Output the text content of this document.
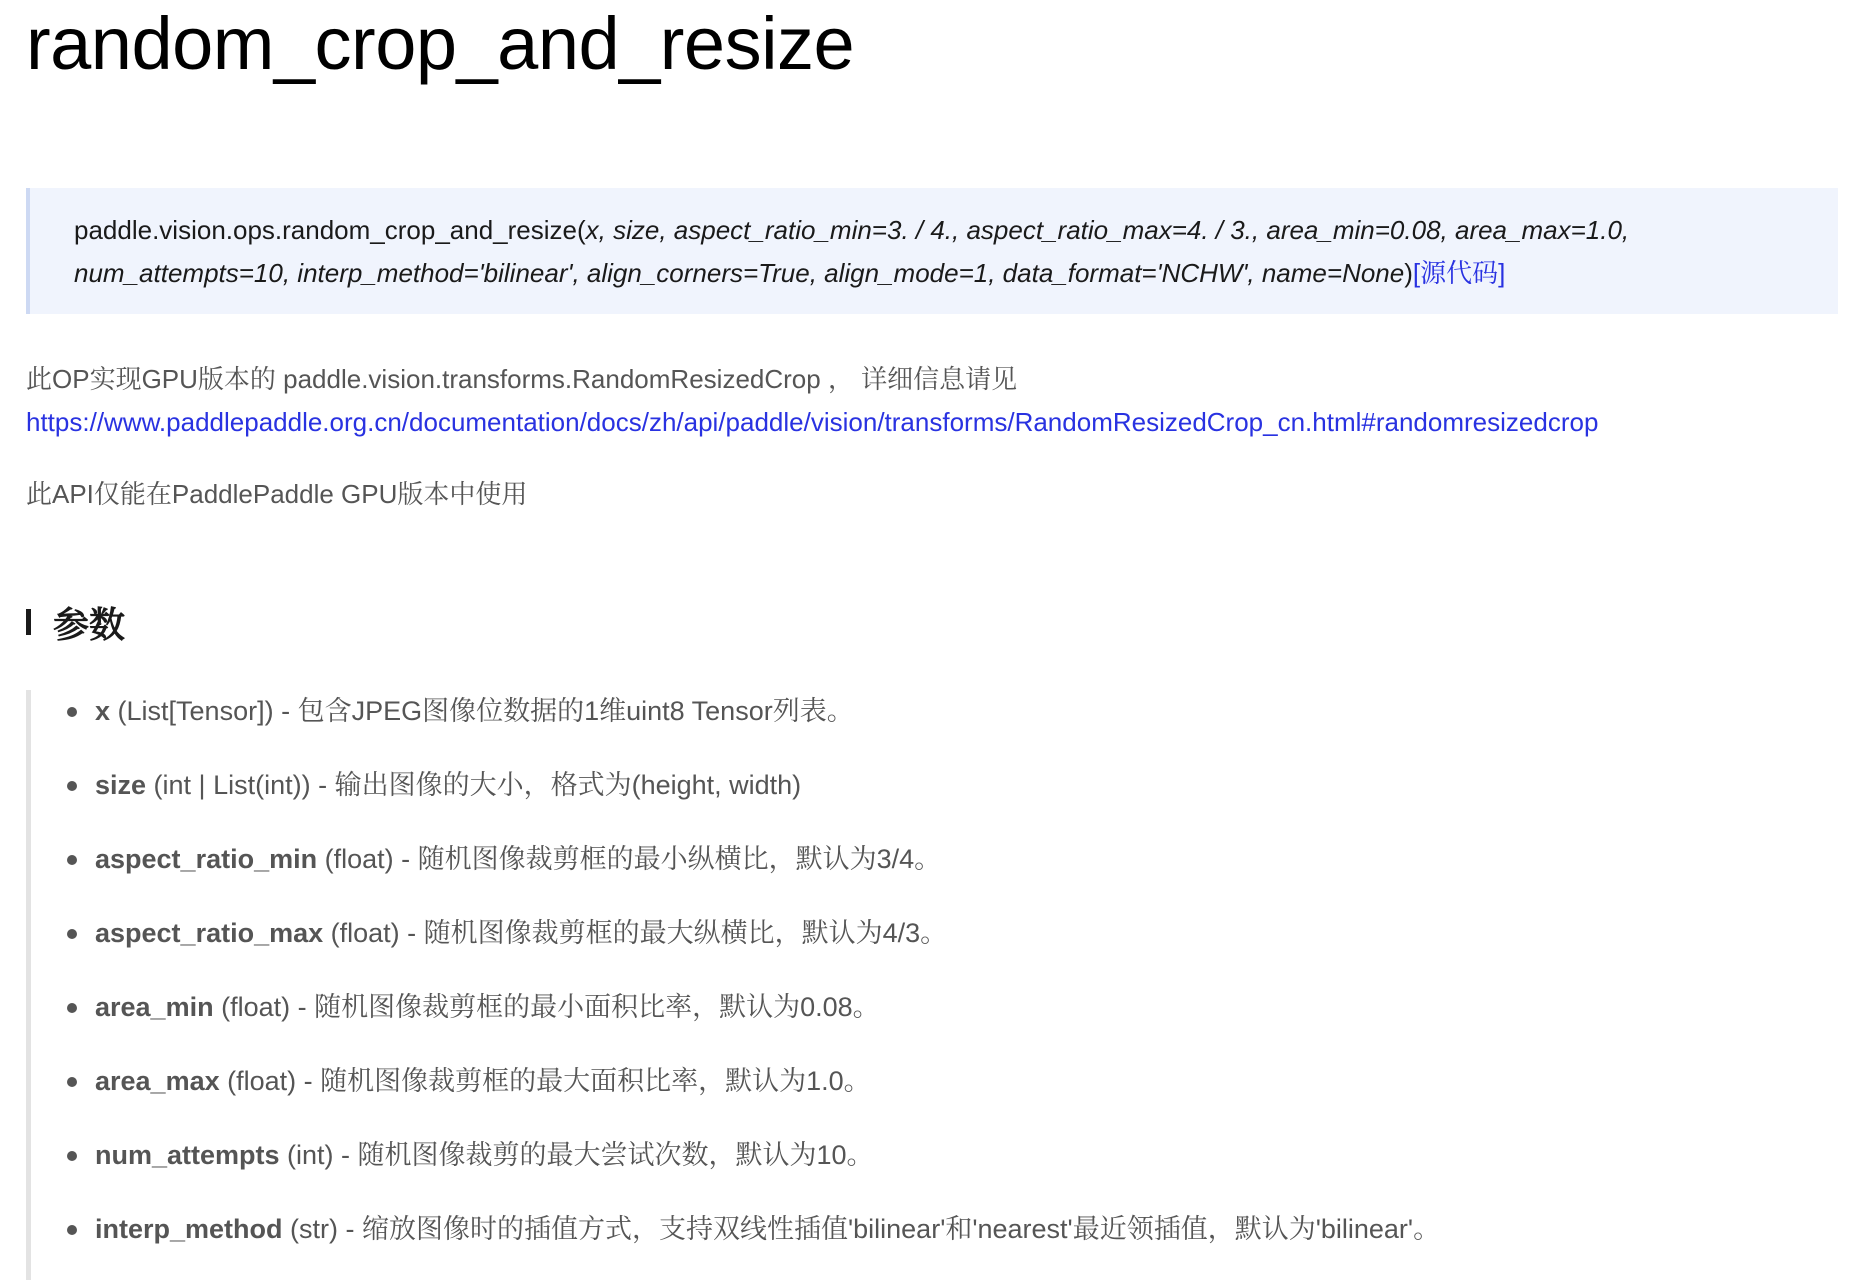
random_crop_and_resize
paddle.vision.ops.random_crop_and_resize(x, size, aspect_ratio_min=3. / 4., aspect_ratio_max=4. / 3., area_min=0.08, area_max=1.0,
num_attempts=10, interp_method='bilinear', align_corners=True, align_mode=1, data_format='NCHW', name=None)[源代码]
此OP实现GPU版本的 paddle.vision.transforms.RandomResizedCrop ， 详细信息请见
https://www.paddlepaddle.org.cn/documentation/docs/zh/api/paddle/vision/transforms/RandomResizedCrop_cn.html#randomresizedcrop
此API仅能在PaddlePaddle GPU版本中使用
参数
x (List[Tensor]) - 包含JPEG图像位数据的1维uint8 Tensor列表。
size (int | List(int)) - 输出图像的大小，格式为(height, width)
aspect_ratio_min (float) - 随机图像裁剪框的最小纵横比，默认为3/4。
aspect_ratio_max (float) - 随机图像裁剪框的最大纵横比，默认为4/3。
area_min (float) - 随机图像裁剪框的最小面积比率，默认为0.08。
area_max (float) - 随机图像裁剪框的最大面积比率，默认为1.0。
num_attempts (int) - 随机图像裁剪的最大尝试次数，默认为10。
interp_method (str) - 缩放图像时的插值方式，支持双线性插值'bilinear'和'nearest'最近领插值，默认为'bilinear'。
